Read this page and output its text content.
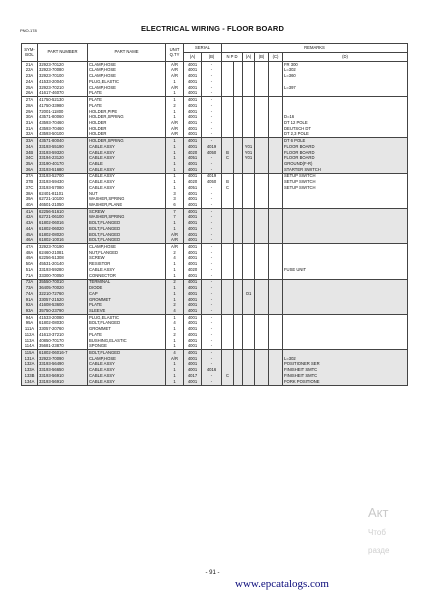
PNO-178	ELECTRICAL WIRING - FLOOR BOARD
SYM-
BOL	PART NUMBER	PART NAME	UNIT
Q.TY	SERIAL		REMARKS					
				(A)	(B)	N P D		(A)	(B)	(C)	(D)
21A	32923-70120	CLAMP,HOSE	A/R	4001	-						FR 300
22A	32923-70080	CLAMP,HOSE	A/R	4001	-						L=302
23A	32923-70100	CLAMP,HOSE	A/R	4001	-						L=360
24A	41533-20040	PLUG,ELASTIC	1	4001	-						
25A	32923-70210	CLAMP,HOSE	A/R	4001	-						L=397
26A	41617-46070	PLATE	1	4001	-						
27A	41750-52130	PLATE	1	4001	-						
28A	41750-33980	PLATE	2	4001	-						
29A	72001-11800	HOLDER,PIPE	1	4001	-						
30A	43571-80060	HOLDER,SPRING	1	4001	-						D=16
31A	43593-70460	HOLDER	A/R	4001	-						DT 12 POLE
31A	43593-70460	HOLDER	A/R	4001	-						DEUTSCH DT
32A	43593-50100	HOLDER	A/R	4001	-						DT 2,3 POLE
33A	43571-80040	HOLDER,SPRING	1	4001	-						DT 6 POLE
34A	33193-55190	CABLE ASSY	1	4001	4019			Y01			FLOOR BOARD
34B	33193-59320	CABLE ASSY	1	4020	4050	B		Y01			FLOOR BOARD
34C	33194-23120	CABLE ASSY	1	4051	-	C		Y01			FLOOR BOARD
35A	33190-40170	CABLE	1	4001	-						GROUND(F-R)
36A	33193-51680	CABLE ASSY	1	4001	-						STARTER SWITCH
37A	33193-52700	CABLE ASSY	1	4001	4019						SETUP SWITCH
37B	33193-59430	CABLE ASSY	1	4020	4050	B					SETUP SWITCH
37C	33193-57080	CABLE ASSY	1	4051	-	C					SETUP SWITCH
38A	62401-81101	NUT	3	4001	-						
39A	62721-10100	WASHER,SPRING	3	4001	-						
40A	46501-21050	WASHER,PLANE	6	4001	-						
41A	62256-51610	SCREW	7	4001	-						
42A	62721-06100	WASHER,SPRING	7	4001	-						
43A	61802-06016	BOLT,FLANGED	1	4001	-						
44A	61802-06020	BOLT,FLANGED	1	4001	-						
45A	61802-08020	BOLT,FLANGED	A/R	4001	-						
46A	61802-10016	BOLT,FLANGED	A/R	4001	-						
47A	32923-70190	CLAMP,HOSE	A/R	4001	-						
48A	62460-21081	NUT,FLANGED	2	4001	-						
49A	62256-51308	SCREW	4	4001	-						
50A	45531-20140	RESISTOR	1	4001	-						
51A	33193-59280	CABLE ASSY	1	4020	-						FUSE UNIT
71A	33300-70050	CONNECTOR	1	4001	-						
72A	35550-70010	TERMINAL	2	4001	-						
73A	36405-70020	DIODE	1	4001	-						
74A	32210-72760	CAP	1	4001	-			O1			
91A	33057-21520	GROMMET	1	4001	-						
92A	41608-53600	PLATE	2	4001	-						
93A	35750-23790	SLEEVE	4	4001	-						
94A	41533-20080	PLUG,ELASTIC	1	4001	-						
95A	61802-08030	BOLT,FLANGED	4	4001	-						
111A	33057-20760	GROMMET	1	4001	-						
112A	41613-37210	PLATE	2	4001	-						
113A	40850-70170	BUSHING,ELASTIC	1	4001	-						
114A	35681-23870	SPONGE	1	4001	-						
115A	61802-06016-7	BOLT,FLANGED	4	4001	-						
131A	32923-70090	CLAMP,HOSE	A/R	4001	-						L=302
132A	33193-56490	CABLE ASSY	1	4001	-						POSITIONER SER
133A	33193-56650	CABLE ASSY	1	4001	4016						FINISHEIT SMTC
133B	33193-56910	CABLE ASSY	1	4017	-	C					FINISHEIT SMTC
134A	33193-56910	CABLE ASSY	1	4001	-						FORK POSITIONE
- 91 -
www.epcatalogs.com
Акт
Чтоб
разде
